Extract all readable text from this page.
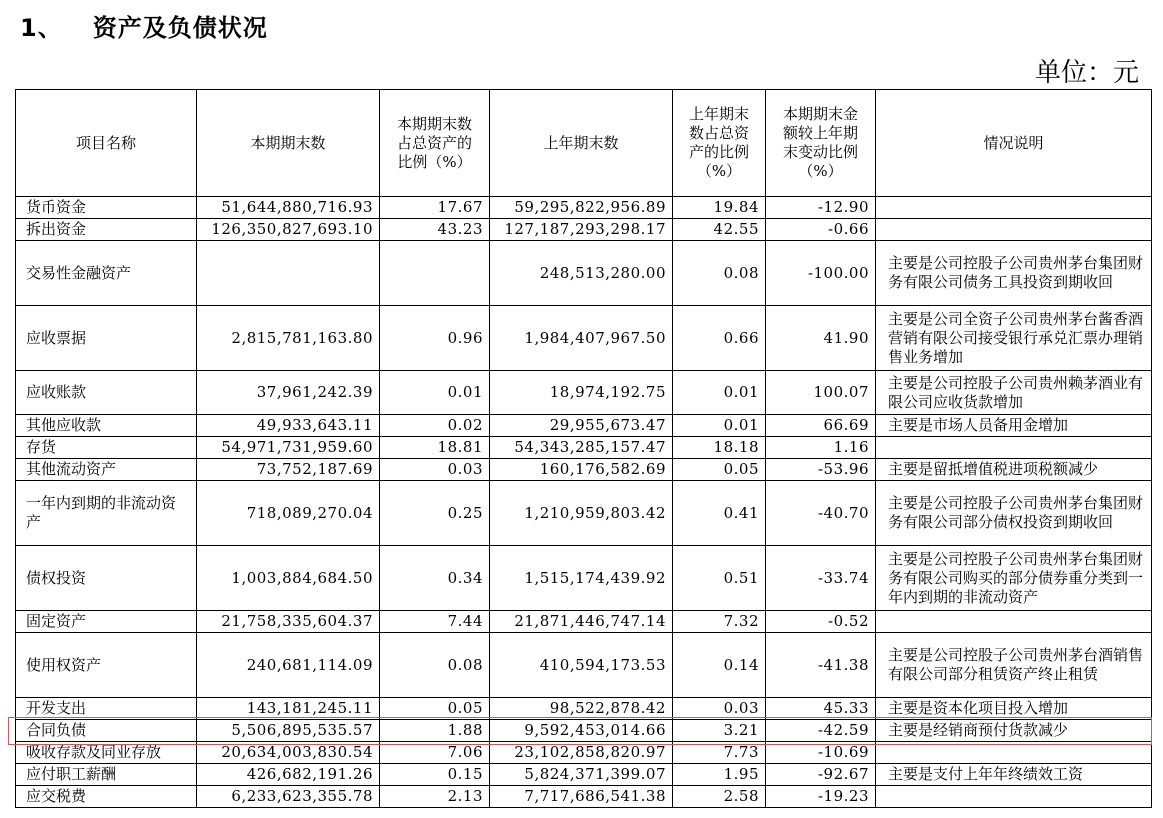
1、 资产及负债状况
单位：元
项目名称	本期期末数	本期期末数占总资产的比例（%）	上年期末数	上年期末数占总资产的比例（%）	本期期末金额较上年期末变动比例（%）	情况说明
货币资金	51,644,880,716.93	17.67	59,295,822,956.89	19.84	-12.90	
拆出资金	126,350,827,693.10	43.23	127,187,293,298.17	42.55	-0.66	
交易性金融资产			248,513,280.00	0.08	-100.00	主要是公司控股子公司贵州茅台集团财务有限公司债务工具投资到期收回
应收票据	2,815,781,163.80	0.96	1,984,407,967.50	0.66	41.90	主要是公司全资子公司贵州茅台酱香酒营销有限公司接受银行承兑汇票办理销售业务增加
应收账款	37,961,242.39	0.01	18,974,192.75	0.01	100.07	主要是公司控股子公司贵州赖茅酒业有限公司应收货款增加
其他应收款	49,933,643.11	0.02	29,955,673.47	0.01	66.69	主要是市场人员备用金增加
存货	54,971,731,959.60	18.81	54,343,285,157.47	18.18	1.16	
其他流动资产	73,752,187.69	0.03	160,176,582.69	0.05	-53.96	主要是留抵增值税进项税额减少
一年内到期的非流动资产	718,089,270.04	0.25	1,210,959,803.42	0.41	-40.70	主要是公司控股子公司贵州茅台集团财务有限公司部分债权投资到期收回
债权投资	1,003,884,684.50	0.34	1,515,174,439.92	0.51	-33.74	主要是公司控股子公司贵州茅台集团财务有限公司购买的部分债券重分类到一年内到期的非流动资产
固定资产	21,758,335,604.37	7.44	21,871,446,747.14	7.32	-0.52	
使用权资产	240,681,114.09	0.08	410,594,173.53	0.14	-41.38	主要是公司控股子公司贵州茅台酒销售有限公司部分租赁资产终止租赁
开发支出	143,181,245.11	0.05	98,522,878.42	0.03	45.33	主要是资本化项目投入增加
合同负债	5,506,895,535.57	1.88	9,592,453,014.66	3.21	-42.59	主要是经销商预付货款减少
吸收存款及同业存放	20,634,003,830.54	7.06	23,102,858,820.97	7.73	-10.69	
应付职工薪酬	426,682,191.26	0.15	5,824,371,399.07	1.95	-92.67	主要是支付上年年终绩效工资
应交税费	6,233,623,355.78	2.13	7,717,686,541.38	2.58	-19.23	
